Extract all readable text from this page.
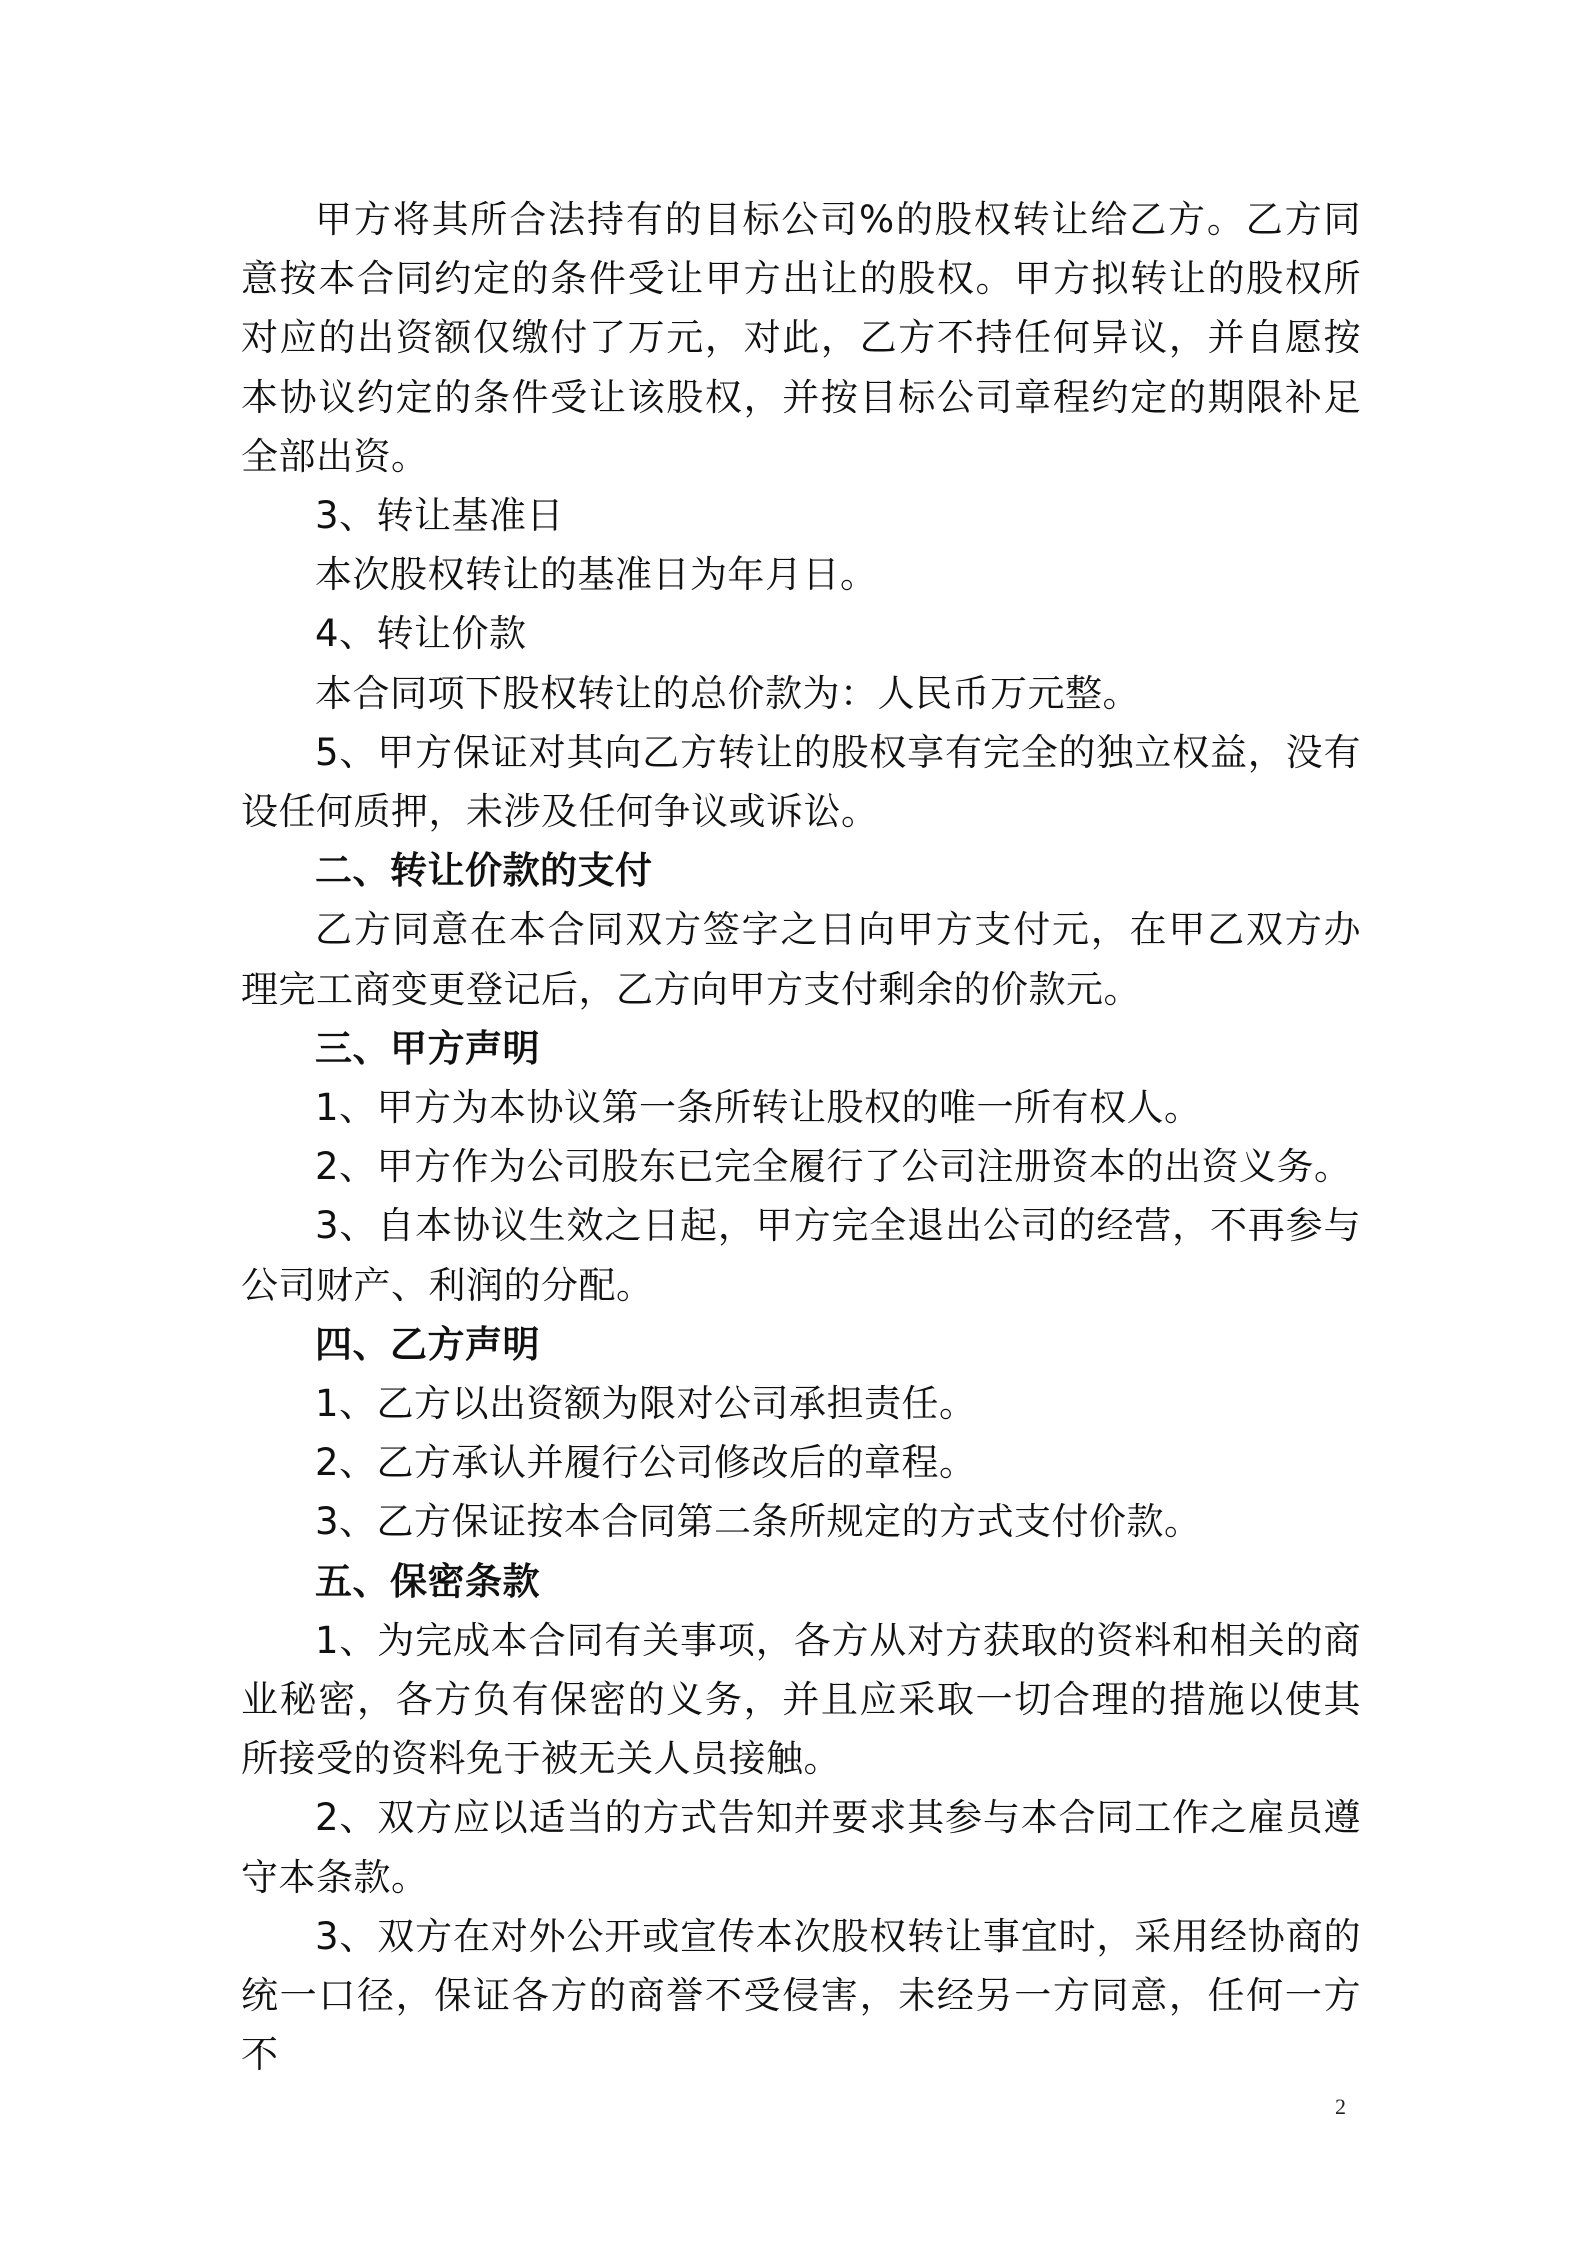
甲方将其所合法持有的目标公司%的股权转让给乙方。乙方同意按本合同约定的条件受让甲方出让的股权。甲方拟转让的股权所对应的出资额仅缴付了万元，对此，乙方不持任何异议，并自愿按本协议约定的条件受让该股权，并按目标公司章程约定的期限补足全部出资。

3、转让基准日

本次股权转让的基准日为年月日。

4、转让价款

本合同项下股权转让的总价款为：人民币万元整。

5、甲方保证对其向乙方转让的股权享有完全的独立权益，没有设任何质押，未涉及任何争议或诉讼。

二、转让价款的支付

乙方同意在本合同双方签字之日向甲方支付元，在甲乙双方办理完工商变更登记后，乙方向甲方支付剩余的价款元。

三、甲方声明

1、甲方为本协议第一条所转让股权的唯一所有权人。

2、甲方作为公司股东已完全履行了公司注册资本的出资义务。

3、自本协议生效之日起，甲方完全退出公司的经营，不再参与公司财产、利润的分配。

四、乙方声明

1、乙方以出资额为限对公司承担责任。

2、乙方承认并履行公司修改后的章程。

3、乙方保证按本合同第二条所规定的方式支付价款。

五、保密条款

1、为完成本合同有关事项，各方从对方获取的资料和相关的商业秘密，各方负有保密的义务，并且应采取一切合理的措施以使其所接受的资料免于被无关人员接触。

2、双方应以适当的方式告知并要求其参与本合同工作之雇员遵守本条款。

3、双方在对外公开或宣传本次股权转让事宜时，采用经协商的统一口径，保证各方的商誉不受侵害，未经另一方同意，任何一方不

2
